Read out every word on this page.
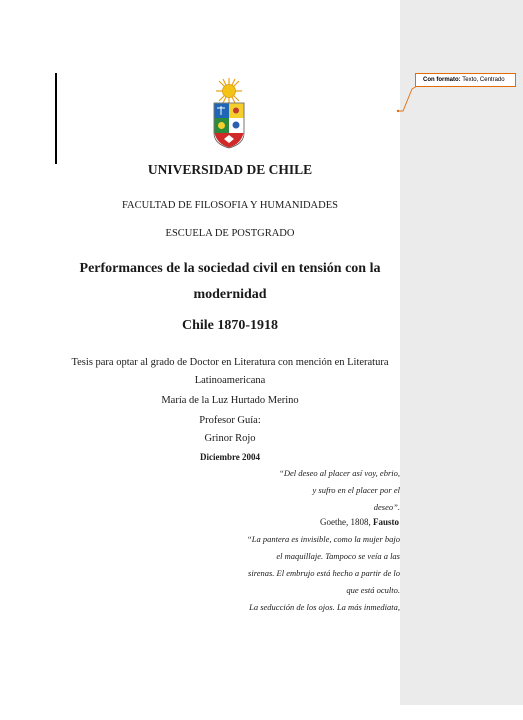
Con formato: Texto, Centrado
UNIVERSIDAD DE CHILE
FACULTAD DE FILOSOFIA Y HUMANIDADES
ESCUELA DE POSTGRADO
Performances de la sociedad civil en tensión con la
modernidad
Chile 1870-1918
Tesis para optar al grado de Doctor en Literatura con mención en Literatura
Latinoamericana
María de la Luz Hurtado Merino
Profesor Guía:
Grinor Rojo
Diciembre 2004
“Del deseo al placer así voy, ebrio,
y sufro en el placer por el
deseo”.
Goethe, 1808, Fausto
“La pantera es invisible, como la mujer bajo
el maquillaje. Tampoco se veía a las
sirenas. El embrujo está hecho a partir de lo
que está oculto.
La seducción de los ojos. La más inmediata,
